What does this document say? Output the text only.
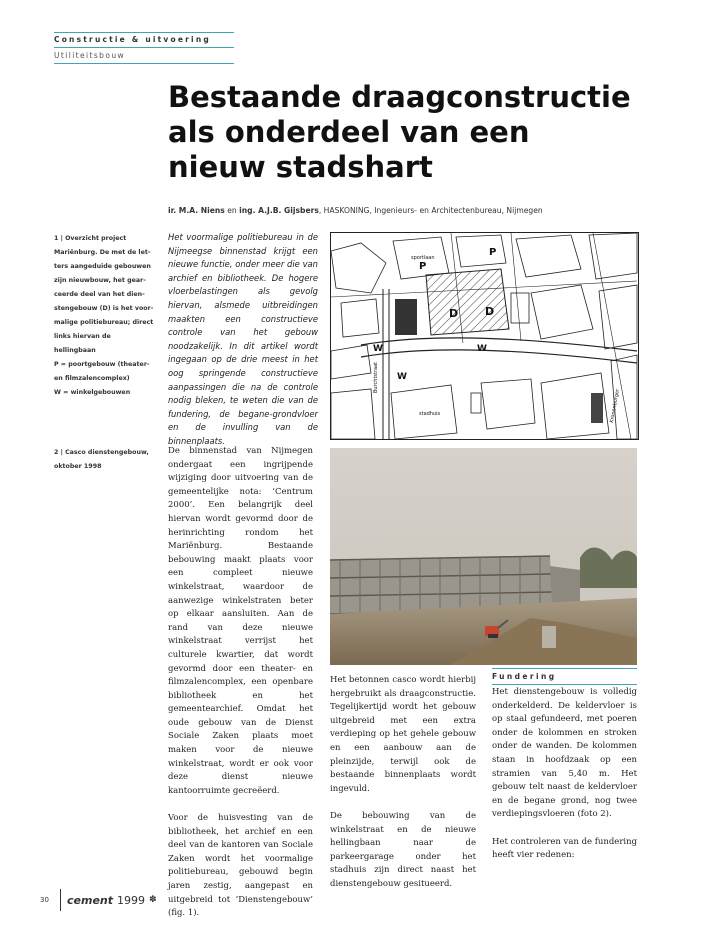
Constructie & uitvoering
Utiliteitsbouw
Bestaande draagconstructie
als onderdeel van een
nieuw stadshart
ir. M.A. Niens en ing. A.J.B. Gijsbers, HASKONING, Ingenieurs- en Architectenbureau, Nijmegen
1 | Overzicht project
Mariënburg. De met de let-
ters aangeduide gebouwen
zijn nieuwbouw, het gear-
ceerde deel van het dien-
stengebouw (D) is het voor-
malige politiebureau; direct
links hiervan de hellingbaan
P = poortgebouw (theater-
en filmzalencomplex)
W = winkelgebouwen
2 | Casco dienstengebouw,
oktober 1998
Het voormalige politiebureau in de Nijmeegse binnenstad krijgt een nieuwe functie, onder meer die van archief en bibliotheek. De hogere vloerbelastingen als gevolg hiervan, alsmede uitbreidingen maakten een constructieve controle van het gebouw noodzakelijk. In dit artikel wordt ingegaan op de drie meest in het oog springende constructieve aanpassingen die na de controle nodig bleken, te weten die van de fundering, de begane-grondvloer en de invulling van de binnenplaats.
P
P
D D
W	W
W
sportlaan
Burchtstraat
stadhuis	Kronenburger

De binnenstad van Nijmegen ondergaat een ingrijpende wijziging door uitvoering van de gemeentelijke nota: ‘Centrum 2000’. Een belangrijk deel hiervan wordt gevormd door de herinrichting rondom het Mariënburg. Bestaande bebouwing maakt plaats voor een compleet nieuwe winkelstraat, waardoor de aanwezige winkelstraten beter op elkaar aansluiten. Aan de rand van deze nieuwe winkelstraat verrijst het culturele kwartier, dat wordt gevormd door een theater- en filmzalencomplex, een openbare bibliotheek en het gemeentearchief. Omdat het oude gebouw van de Dienst Sociale Zaken plaats moet maken voor de nieuwe winkelstraat, wordt er ook voor deze dienst nieuwe kantoorruimte gecreëerd.

Voor de huisvesting van de bibliotheek, het archief en een deel van de kantoren van Sociale Zaken wordt het voormalige politiebureau, gebouwd begin jaren zestig, aangepast en uitgebreid tot ‘Dienstengebouw’ (fig. 1).

Het betonnen casco wordt hierbij hergebruikt als draagconstructie. Tegelijkertijd wordt het gebouw uitgebreid met een extra verdieping op het gehele gebouw en een aanbouw aan de pleinzijde, terwijl ook de bestaande binnenplaats wordt ingevuld.

De bebouwing van de winkelstraat en de nieuwe hellingbaan naar de parkeergarage onder het stadhuis zijn direct naast het dienstengebouw gesitueerd.

Fundering

Het dienstengebouw is volledig onderkelderd. De keldervloer is op staal gefundeerd, met poeren onder de kolommen en stroken onder de wanden. De kolommen staan in hoofdzaak op een stramien van 5,40 m. Het gebouw telt naast de keldervloer en de begane grond, nog twee verdiepingsvloeren (foto 2).

Het controleren van de fundering heeft vier redenen:

30	cement 1999 ✽
